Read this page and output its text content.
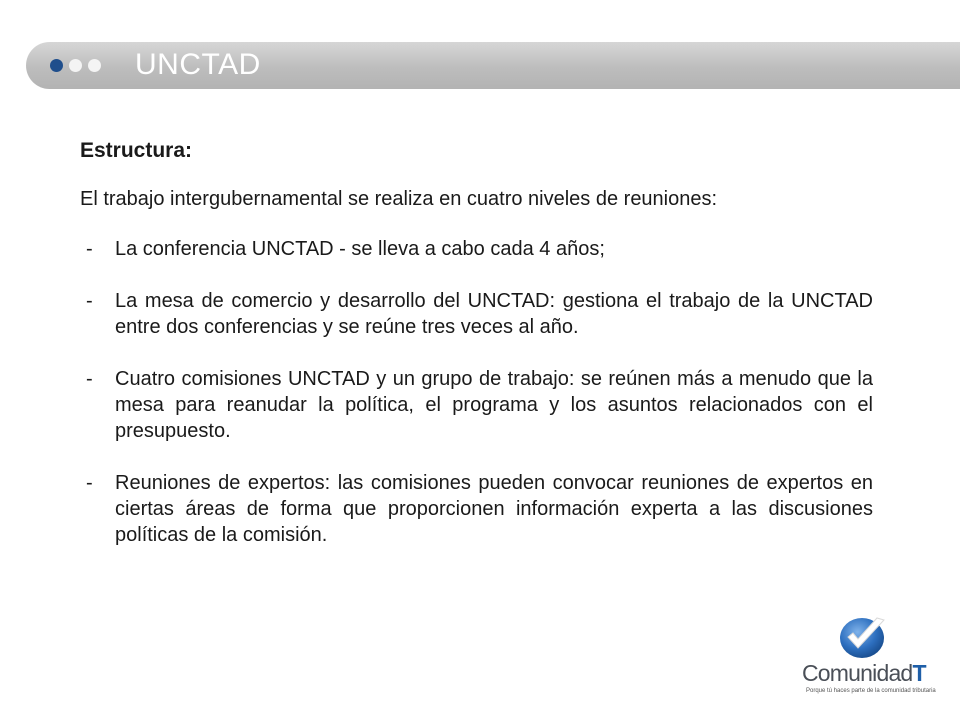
UNCTAD
Estructura:
El trabajo intergubernamental se realiza en cuatro niveles de reuniones:
- La conferencia UNCTAD - se lleva a cabo cada 4 años;
- La mesa de comercio y desarrollo del UNCTAD: gestiona el trabajo de la UNCTAD entre dos conferencias y se reúne tres veces al año.
- Cuatro comisiones UNCTAD y un grupo de trabajo: se reúnen más a menudo que la mesa para reanudar la política, el programa y los asuntos relacionados con el presupuesto.
- Reuniones de expertos: las comisiones pueden convocar reuniones de expertos en ciertas áreas de forma que proporcionen información experta a las discusiones políticas de la comisión.
ComunidadT
Porque tú haces parte de la comunidad tributaria
